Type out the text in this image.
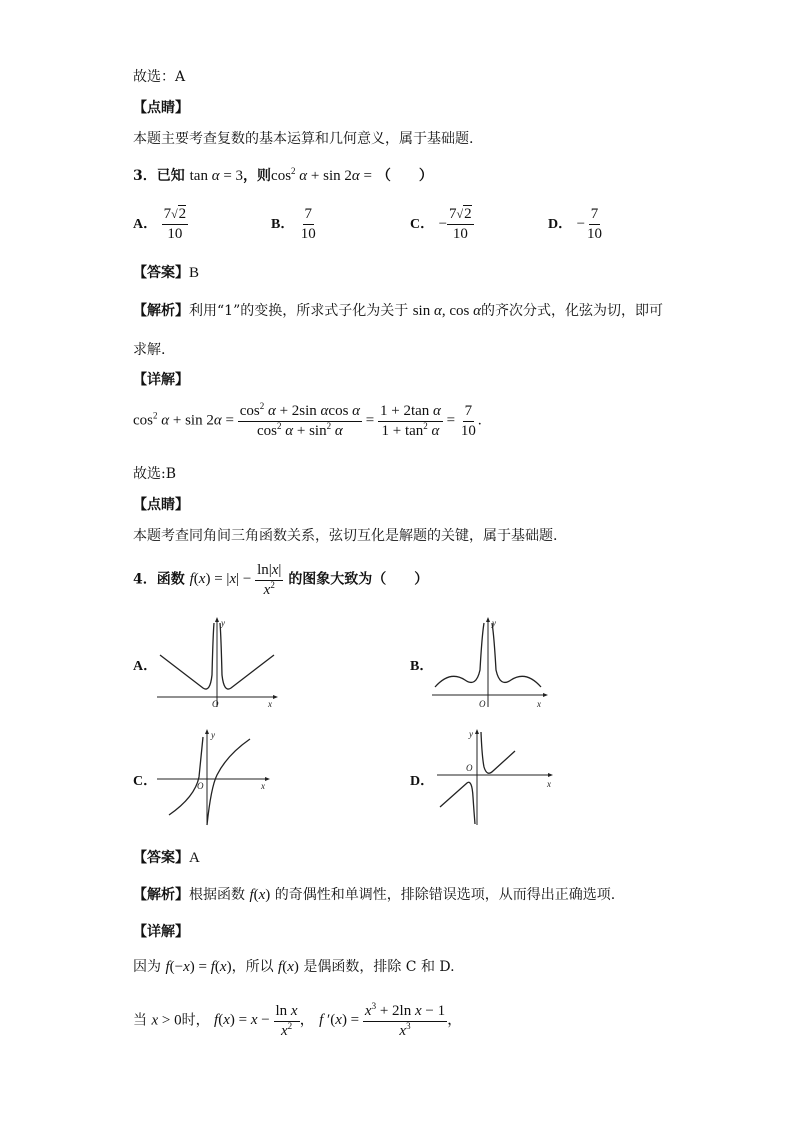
故选：A
【点睛】
本题主要考查复数的基本运算和几何意义，属于基础题.
3．已知 tan α = 3，则$\cos^2 \alpha + \sin 2\alpha$ = （　　）
A． $\frac{7√2}{10}$	B． $\frac{7}{10}$	C． − $\frac{7√2}{10}$	D． − $\frac{7}{10}$
【答案】B
【解析】利用“1”的变换，所求式子化为关于 sin α, cos α的齐次分式，化弦为切，即可
求解.
【详解】
$\cos^2 \alpha + \sin 2\alpha = \frac{\cos^2 \alpha + 2\sin \alpha\cos \alpha}{\cos^2 \alpha + \sin^2 \alpha} = \frac{\text{1 + 2tan α}}{1 + \tan^2 \alpha} = \frac{7}{10}$ .
故选:B
【点睛】
本题考查同角间三角函数关系，弦切互化是解题的关键，属于基础题.
4．函数 $f(x) = |x| - \frac{\ln|x|}{x^2}$ 的图象大致为（　　）
A．
O	x
y
B．
O	x
y
C．	O	x
y
D．
O
x
y
【答案】A
【解析】根据函数 f(x) 的奇偶性和单调性，排除错误选项，从而得出正确选项.
【详解】
因为 f(−x) = f(x)，所以 f(x) 是偶函数，排除 C 和 D.
当 x > 0时， $f(x) = x - \frac{\text{ln x}}{x^2}$ ， f $'(x) = \frac{x^3 + 2\ln x - 1}{x^3}$ ，
